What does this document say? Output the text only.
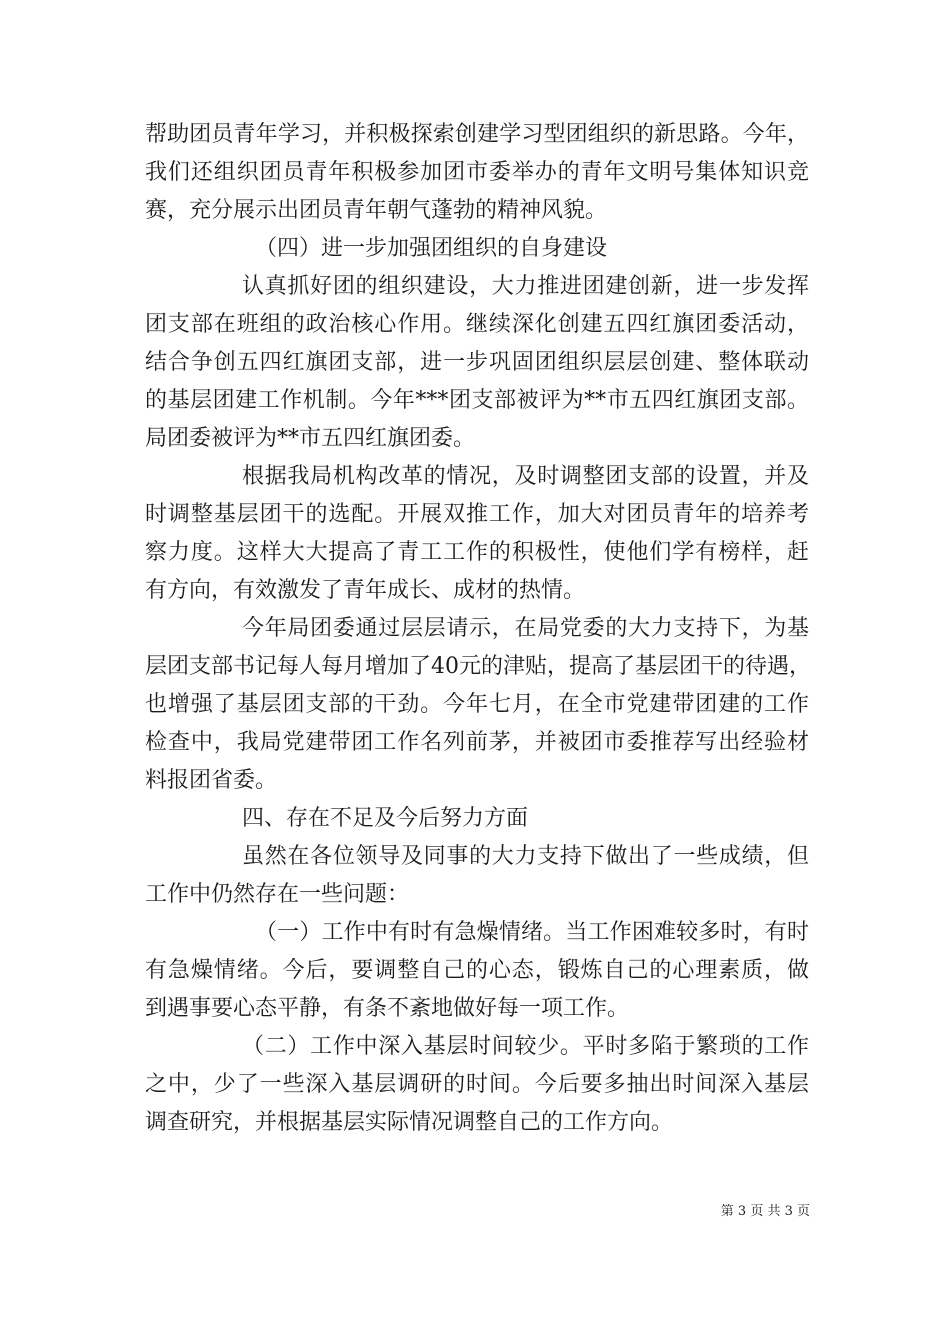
帮助团员青年学习，并积极探索创建学习型团组织的新思路。今年，
我们还组织团员青年积极参加团市委举办的青年文明号集体知识竞
赛，充分展示出团员青年朝气蓬勃的精神风貌。
（四）进一步加强团组织的自身建设
认真抓好团的组织建设，大力推进团建创新，进一步发挥
团支部在班组的政治核心作用。继续深化创建五四红旗团委活动，
结合争创五四红旗团支部，进一步巩固团组织层层创建、整体联动
的基层团建工作机制。今年***团支部被评为**市五四红旗团支部。
局团委被评为**市五四红旗团委。
根据我局机构改革的情况，及时调整团支部的设置，并及
时调整基层团干的选配。开展双推工作，加大对团员青年的培养考
察力度。这样大大提高了青工工作的积极性，使他们学有榜样，赶
有方向，有效激发了青年成长、成材的热情。
今年局团委通过层层请示，在局党委的大力支持下，为基
层团支部书记每人每月增加了40元的津贴，提高了基层团干的待遇，
也增强了基层团支部的干劲。今年七月，在全市党建带团建的工作
检查中，我局党建带团工作名列前茅，并被团市委推荐写出经验材
料报团省委。
四、存在不足及今后努力方面
虽然在各位领导及同事的大力支持下做出了一些成绩，但
工作中仍然存在一些问题：
（一）工作中有时有急燥情绪。当工作困难较多时，有时
有急燥情绪。今后，要调整自己的心态，锻炼自己的心理素质，做
到遇事要心态平静，有条不紊地做好每一项工作。
（二）工作中深入基层时间较少。平时多陷于繁琐的工作
之中，少了一些深入基层调研的时间。今后要多抽出时间深入基层
调查研究，并根据基层实际情况调整自己的工作方向。
第 3 页 共 3 页
